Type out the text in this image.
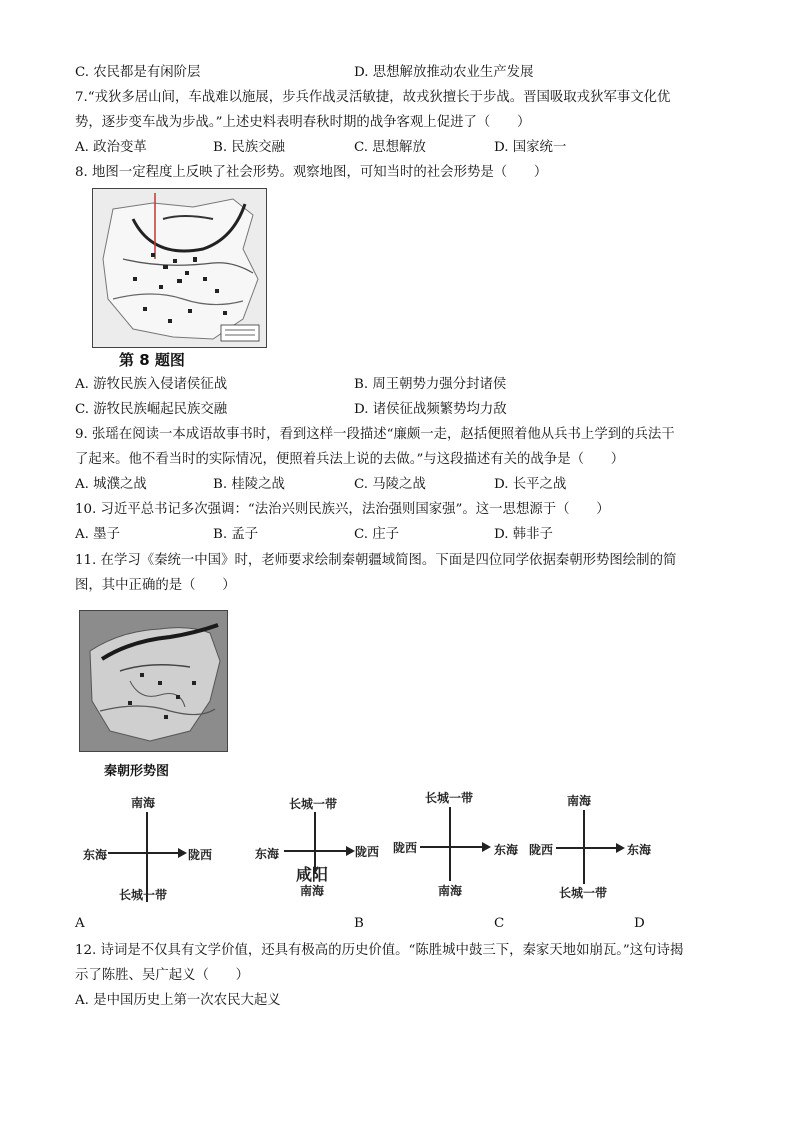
C. 农民都是有闲阶层	D. 思想解放推动农业生产发展
7.“戎狄多居山间，车战难以施展，步兵作战灵活敏捷，故戎狄擅长于步战。晋国吸取戎狄军事文化优
势，逐步变车战为步战。”上述史料表明春秋时期的战争客观上促进了（　　）
A. 政治变革	B. 民族交融	C. 思想解放	D. 国家统一
8. 地图一定程度上反映了社会形势。观察地图，可知当时的社会形势是（　　）
第 8 题图
A. 游牧民族入侵诸侯征战	B. 周王朝势力强分封诸侯
C. 游牧民族崛起民族交融	D. 诸侯征战频繁势均力敌
9. 张瑶在阅读一本成语故事书时，看到这样一段描述“廉颇一走，赵括便照着他从兵书上学到的兵法干
了起来。他不看当时的实际情况，便照着兵法上说的去做。”与这段描述有关的战争是（　　）
A. 城濮之战	B. 桂陵之战	C. 马陵之战	D. 长平之战
10. 习近平总书记多次强调：“法治兴则民族兴，法治强则国家强”。这一思想源于（　　）
A. 墨子	B. 孟子	C. 庄子	D. 韩非子
11. 在学习《秦统一中国》时，老师要求绘制秦朝疆域简图。下面是四位同学依据秦朝形势图绘制的简
图，其中正确的是（　　）
秦朝形势图
南海
东海	陇西
长城一带
A
长城一带
东海	陇西
咸阳
南海
B
长城一带
陇西	东海
南海
C
南海
陇西	东海
长城一带
D
12. 诗词是不仅具有文学价值，还具有极高的历史价值。“陈胜城中鼓三下，秦家天地如崩瓦。”这句诗揭
示了陈胜、吴广起义（　　）
A. 是中国历史上第一次农民大起义
